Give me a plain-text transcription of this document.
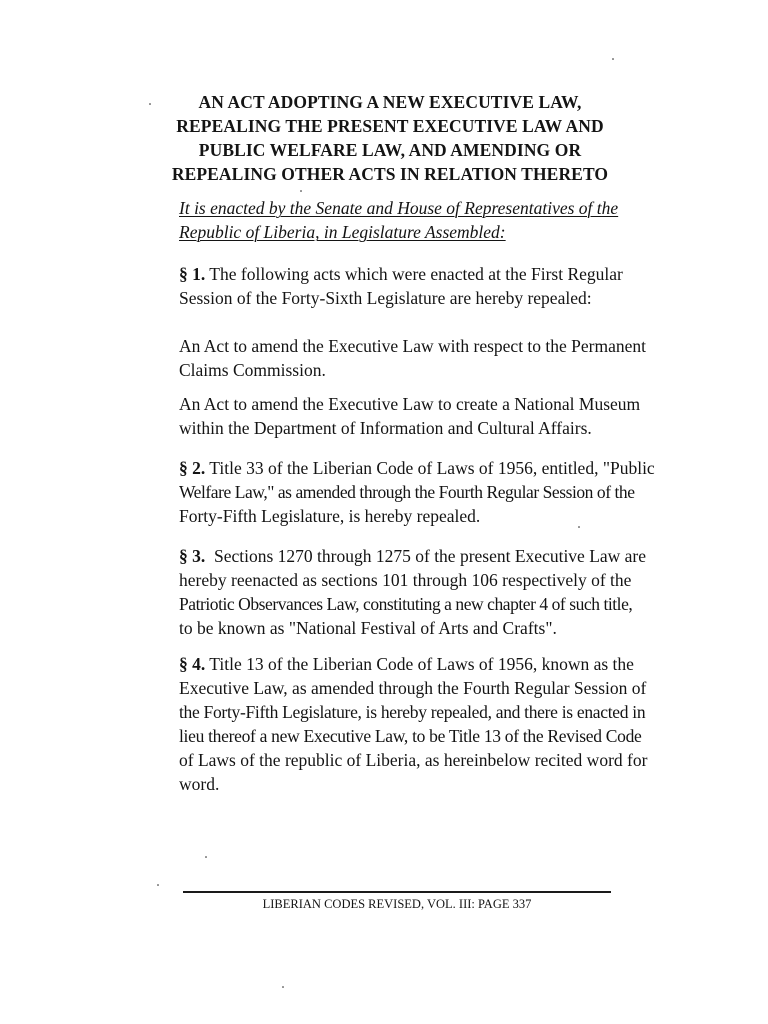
AN ACT ADOPTING A NEW EXECUTIVE LAW,
REPEALING THE PRESENT EXECUTIVE LAW AND
PUBLIC WELFARE LAW, AND AMENDING OR
REPEALING OTHER ACTS IN RELATION THERETO
It is enacted by the Senate and House of Representatives of the
Republic of Liberia, in Legislature Assembled:
§ 1. The following acts which were enacted at the First Regular
Session of the Forty-Sixth Legislature are hereby repealed:
An Act to amend the Executive Law with respect to the Permanent
Claims Commission.
An Act to amend the Executive Law to create a National Museum
within the Department of Information and Cultural Affairs.
§ 2. Title 33 of the Liberian Code of Laws of 1956, entitled, "Public
Welfare Law," as amended through the Fourth Regular Session of the
Forty-Fifth Legislature, is hereby repealed.
§ 3.  Sections 1270 through 1275 of the present Executive Law are
hereby reenacted as sections 101 through 106 respectively of the
Patriotic Observances Law, constituting a new chapter 4 of such title,
to be known as "National Festival of Arts and Crafts".
§ 4. Title 13 of the Liberian Code of Laws of 1956, known as the
Executive Law, as amended through the Fourth Regular Session of
the Forty-Fifth Legislature, is hereby repealed, and there is enacted in
lieu thereof a new Executive Law, to be Title 13 of the Revised Code
of Laws of the republic of Liberia, as hereinbelow recited word for
word.
LIBERIAN CODES REVISED, VOL. III: PAGE 337
